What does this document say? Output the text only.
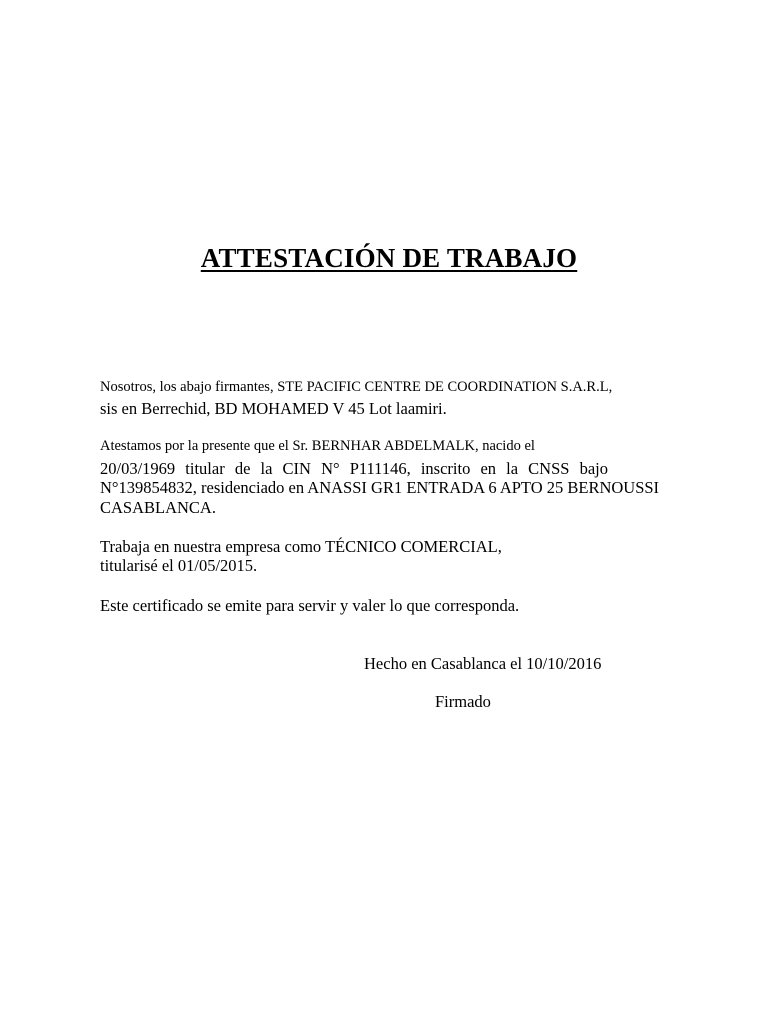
ATTESTACIÓN DE TRABAJO
Nosotros, los abajo firmantes, STE PACIFIC CENTRE DE COORDINATION S.A.R.L,
sis en Berrechid, BD MOHAMED V 45 Lot laamiri.
Atestamos por la presente que el Sr. BERNHAR ABDELMALK, nacido el
20/03/1969 titular de la CIN N° P111146, inscrito en la CNSS bajo
N°139854832, residenciado en ANASSI GR1 ENTRADA 6 APTO 25 BERNOUSSI
CASABLANCA.
Trabaja en nuestra empresa como TÉCNICO COMERCIAL,
titularisé el 01/05/2015.
Este certificado se emite para servir y valer lo que corresponda.
Hecho en Casablanca el 10/10/2016
Firmado
